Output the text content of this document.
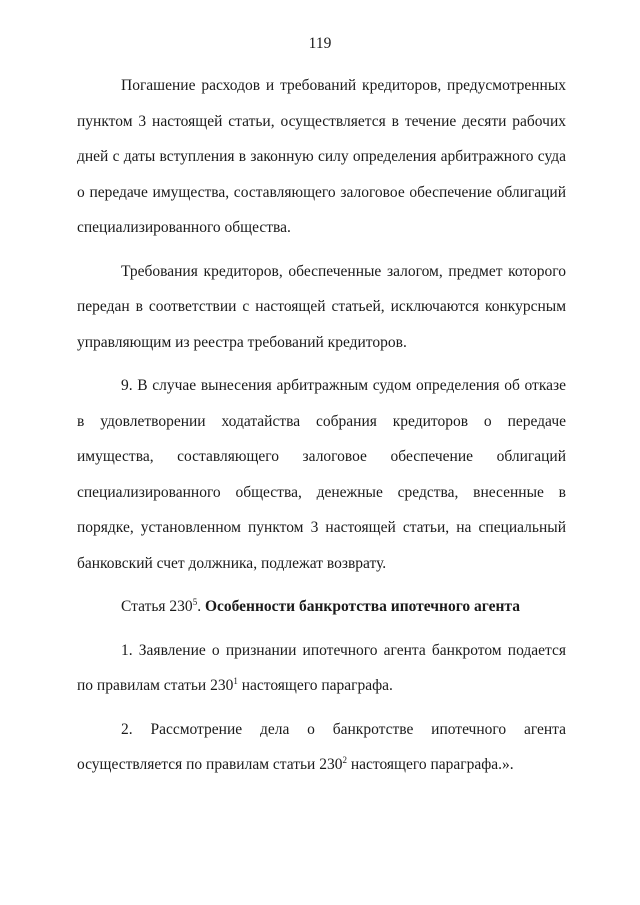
119

Погашение расходов и требований кредиторов, предусмотренных пунктом 3 настоящей статьи, осуществляется в течение десяти рабочих дней с даты вступления в законную силу определения арбитражного суда о передаче имущества, составляющего залоговое обеспечение облигаций специализированного общества.

Требования кредиторов, обеспеченные залогом, предмет которого передан в соответствии с настоящей статьей, исключаются конкурсным управляющим из реестра требований кредиторов.

9. В случае вынесения арбитражным судом определения об отказе в удовлетворении ходатайства собрания кредиторов о передаче имущества, составляющего залоговое обеспечение облигаций специализированного общества, денежные средства, внесенные в порядке, установленном пунктом 3 настоящей статьи, на специальный банковский счет должника, подлежат возврату.

Статья $230^5$. Особенности банкротства ипотечного агента

1. Заявление о признании ипотечного агента банкротом подается по правилам статьи $230^1$ настоящего параграфа.

2. Рассмотрение дела о банкротстве ипотечного агента

осуществляется по правилам статьи $230^2$ настоящего параграфа.».
